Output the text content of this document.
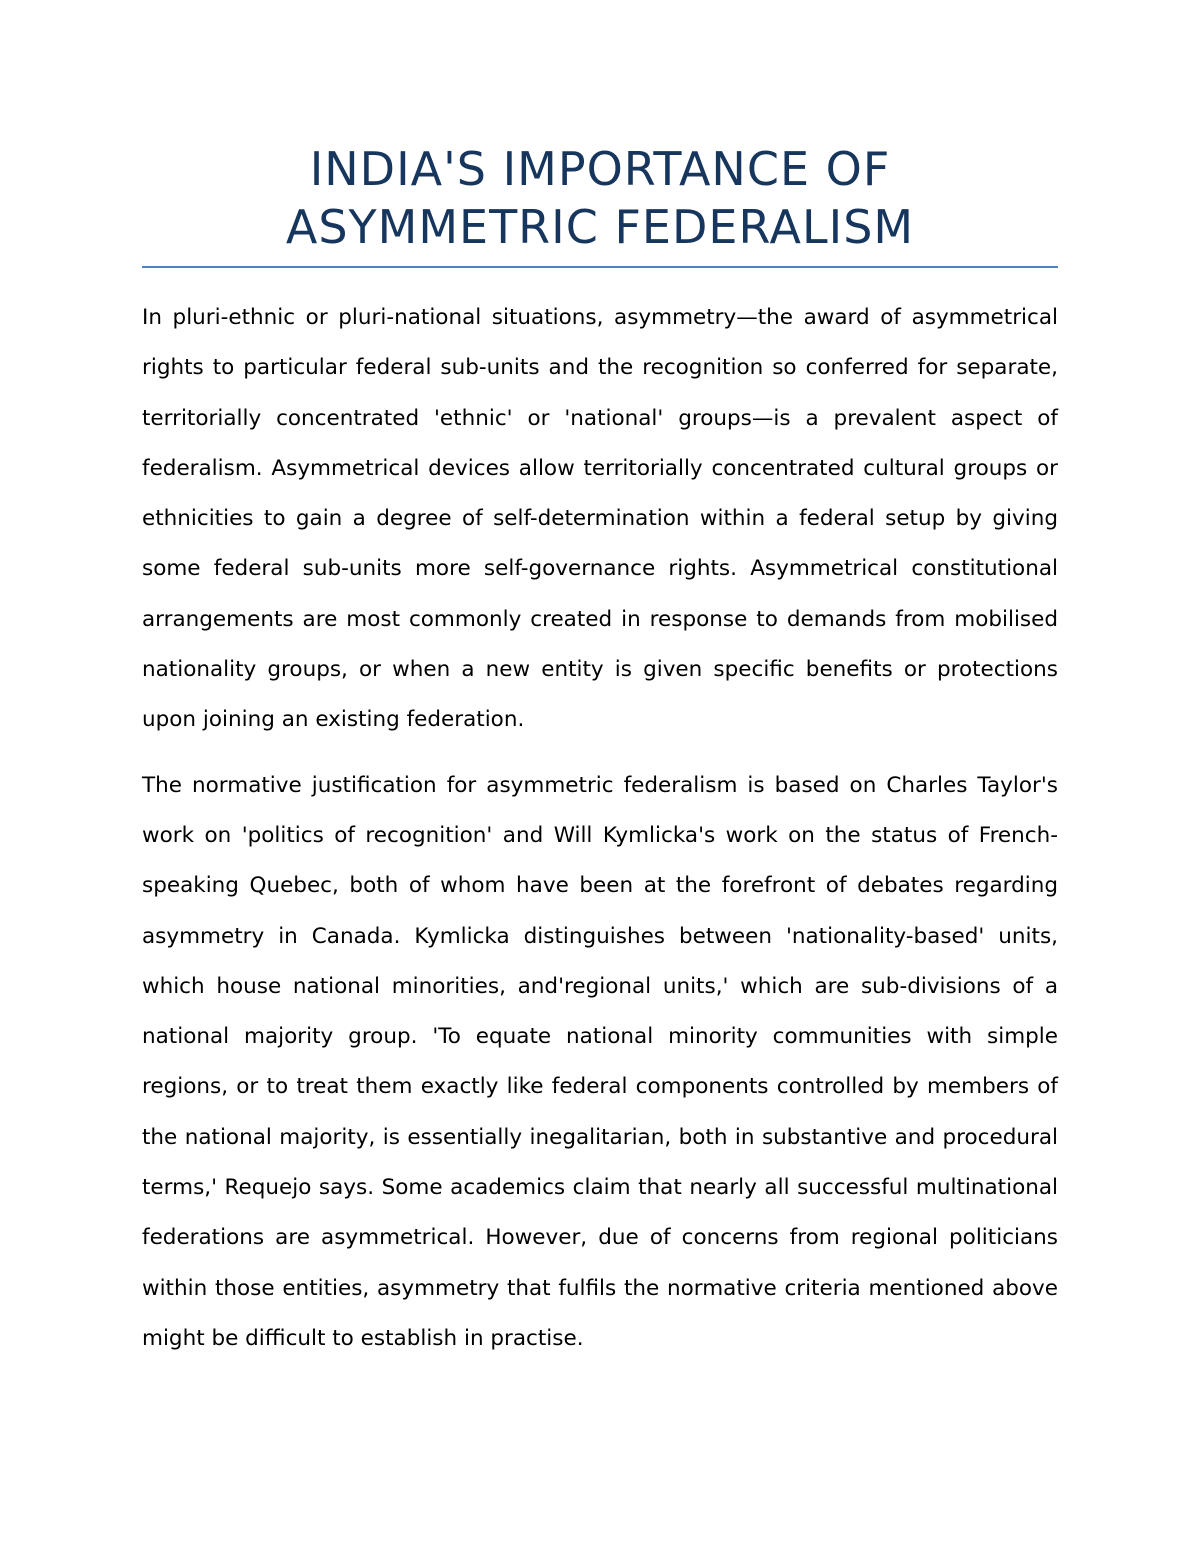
INDIA'S IMPORTANCE OF
ASYMMETRIC FEDERALISM

In pluri-ethnic or pluri-national situations, asymmetry—the award of asymmetrical rights to particular federal sub-units and the recognition so conferred for separate, territorially concentrated 'ethnic' or 'national' groups—is a prevalent aspect of federalism. Asymmetrical devices allow territorially concentrated cultural groups or ethnicities to gain a degree of self-determination within a federal setup by giving some federal sub-units more self-governance rights. Asymmetrical constitutional arrangements are most commonly created in response to demands from mobilised nationality groups, or when a new entity is given specific benefits or protections upon joining an existing federation.

The normative justification for asymmetric federalism is based on Charles Taylor's work on 'politics of recognition' and Will Kymlicka's work on the status of French-speaking Quebec, both of whom have been at the forefront of debates regarding asymmetry in Canada. Kymlicka distinguishes between 'nationality-based' units, which house national minorities, and'regional units,' which are sub-divisions of a national majority group. 'To equate national minority communities with simple regions, or to treat them exactly like federal components controlled by members of the national majority, is essentially inegalitarian, both in substantive and procedural terms,' Requejo says. Some academics claim that nearly all successful multinational federations are asymmetrical. However, due of concerns from regional politicians within those entities, asymmetry that fulfils the normative criteria mentioned above might be difficult to establish in practise.
